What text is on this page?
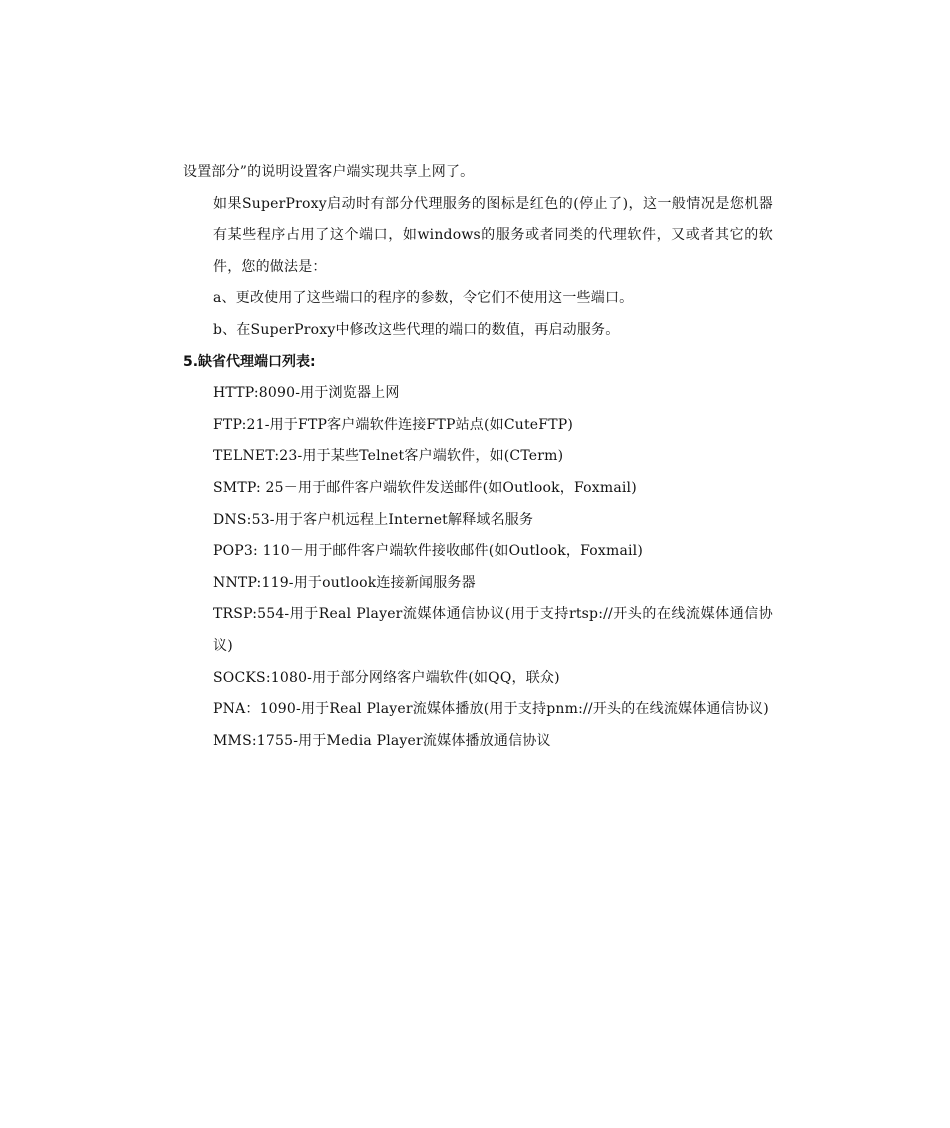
设置部分”的说明设置客户端实现共享上网了。
如果SuperProxy启动时有部分代理服务的图标是红色的(停止了)，这一般情况是您机器有某些程序占用了这个端口，如windows的服务或者同类的代理软件，又或者其它的软件，您的做法是：
a、更改使用了这些端口的程序的参数，令它们不使用这一些端口。
b、在SuperProxy中修改这些代理的端口的数值，再启动服务。
5.缺省代理端口列表:
HTTP:8090-用于浏览器上网
FTP:21-用于FTP客户端软件连接FTP站点(如CuteFTP)
TELNET:23-用于某些Telnet客户端软件，如(CTerm)
SMTP: 25－用于邮件客户端软件发送邮件(如Outlook，Foxmail)
DNS:53-用于客户机远程上Internet解释域名服务
POP3: 110－用于邮件客户端软件接收邮件(如Outlook，Foxmail)
NNTP:119-用于outlook连接新闻服务器
TRSP:554-用于Real Player流媒体通信协议(用于支持rtsp://开头的在线流媒体通信协议)
SOCKS:1080-用于部分网络客户端软件(如QQ，联众)
PNA：1090-用于Real Player流媒体播放(用于支持pnm://开头的在线流媒体通信协议)
MMS:1755-用于Media Player流媒体播放通信协议
